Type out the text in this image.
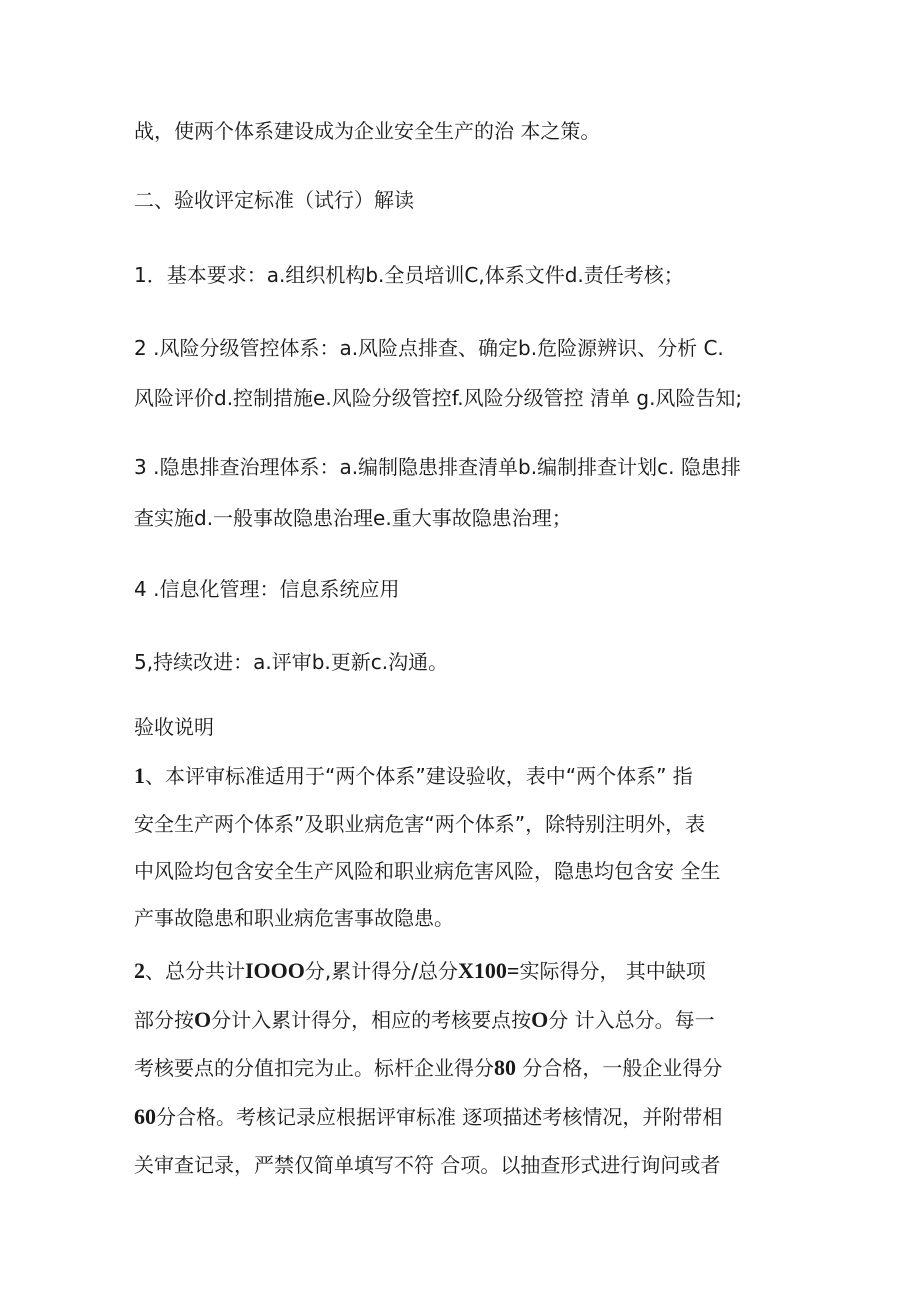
战，使两个体系建设成为企业安全生产的治 本之策。
二、验收评定标准（试行）解读
1．基本要求：a.组织机构b.全员培训C,体系文件d.责任考核；
2 .风险分级管控体系：a.风险点排查、确定b.危险源辨识、分析 C.
风险评价d.控制措施e.风险分级管控f.风险分级管控 清单 g.风险告知;
3 .隐患排查治理体系：a.编制隐患排查清单b.编制排查计划c. 隐患排
查实施d.一般事故隐患治理e.重大事故隐患治理；
4 .信息化管理：信息系统应用
5,持续改进：a.评审b.更新c.沟通。
验收说明
1、本评审标准适用于“两个体系”建设验收，表中“两个体系” 指
安全生产两个体系”及职业病危害“两个体系”，除特别注明外，表
中风险均包含安全生产风险和职业病危害风险，隐患均包含安 全生
产事故隐患和职业病危害事故隐患。
2、总分共计IOOO分,累计得分/总分X100=实际得分， 其中缺项
部分按O分计入累计得分，相应的考核要点按O分 计入总分。每一
考核要点的分值扣完为止。标杆企业得分80 分合格，一般企业得分
60分合格。考核记录应根据评审标准 逐项描述考核情况，并附带相
关审查记录，严禁仅简单填写不符 合项。以抽查形式进行询问或者
